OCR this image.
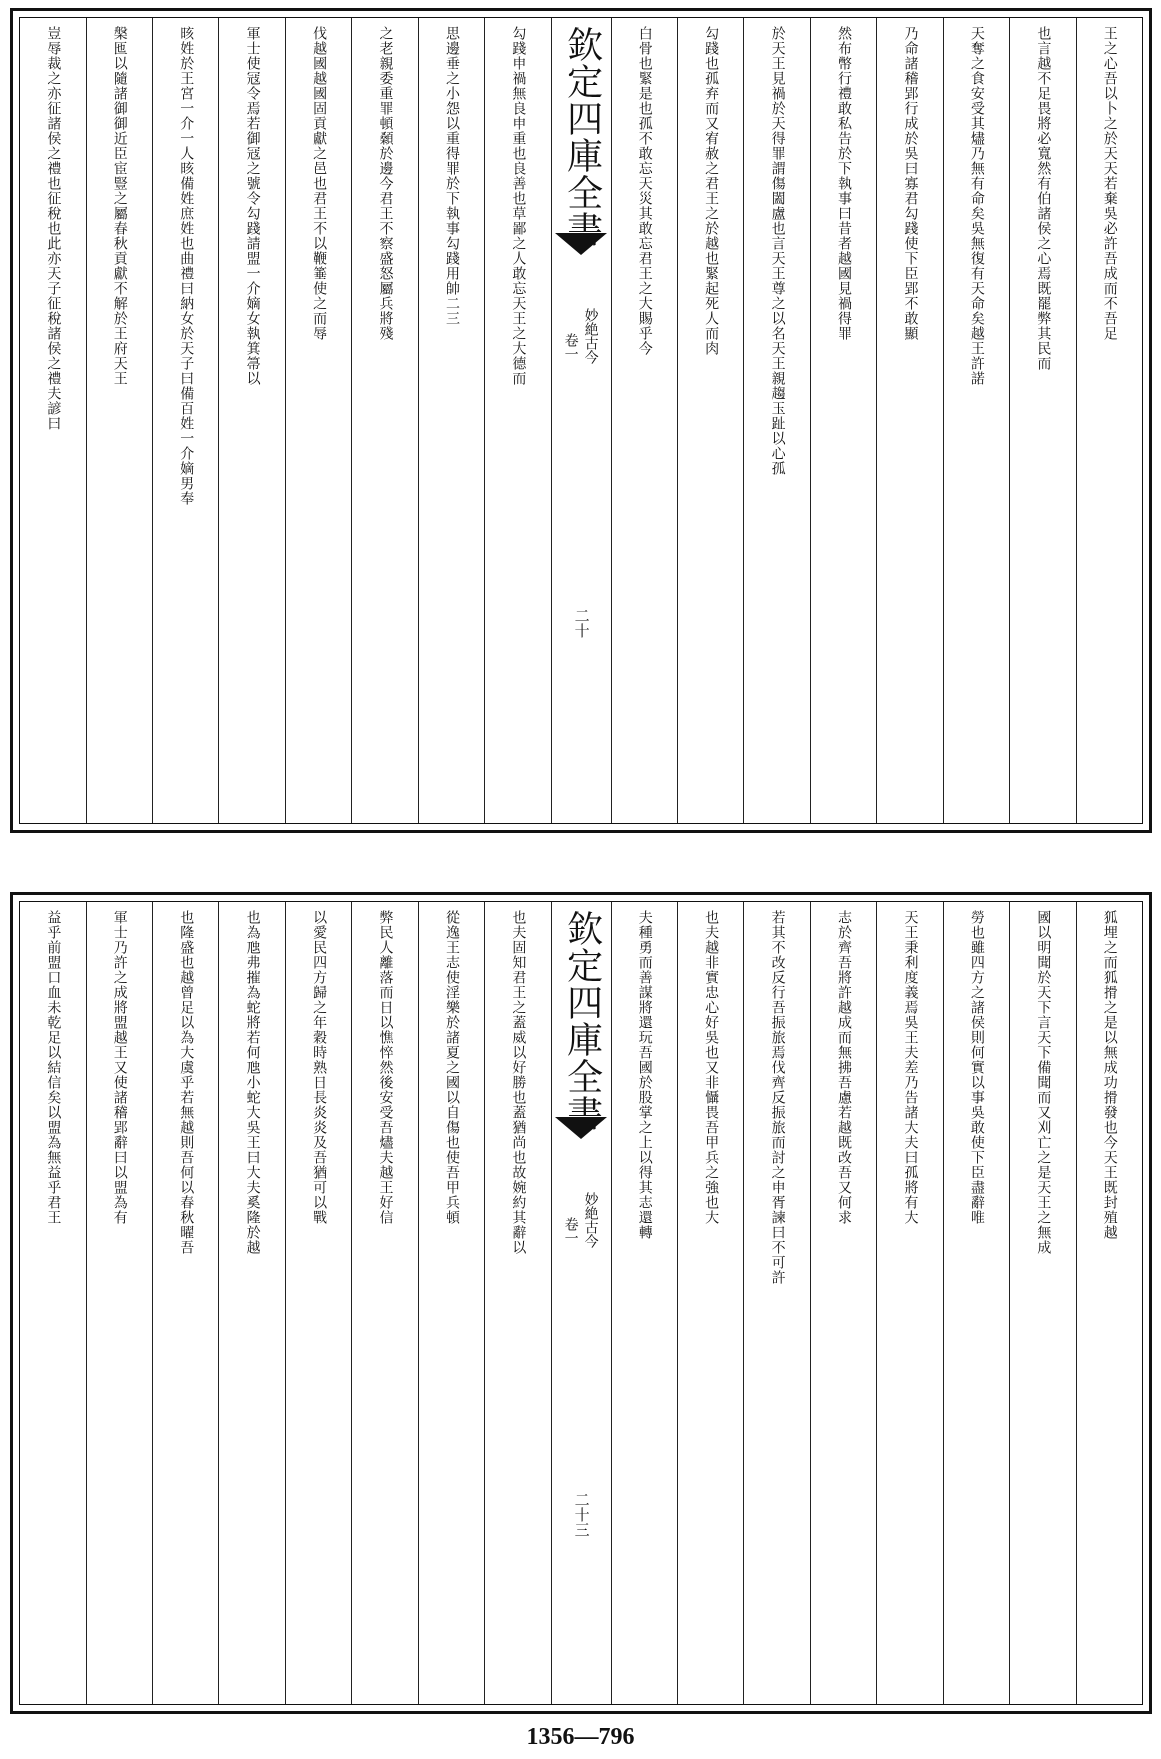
王之心吾以卜之於天天若棄吳必許吾成而不吾足
也言越不足畏將必寬然有伯諸侯之心焉既罷弊其民而
天奪之食安受其燼乃無有命矣吳無復有天命矣越王許諾
乃命諸稽郢行成於吳曰寡君勾踐使下臣郢不敢顯
然布幣行禮敢私告於下執事曰昔者越國見禍得罪
於天王見禍於天得罪謂傷闔盧也言天王尊之以名天王親趨玉趾以心孤
勾踐也孤弃而又宥赦之君王之於越也緊起死人而肉
白骨也緊是也孤不敢忘天災其敢忘君王之大賜乎今
欽定四庫全書
妙絶古今
卷一
二十
勾踐申禍無良申重也良善也草鄙之人敢忘天王之大德而
思邊垂之小怨以重得罪於下執事勾踐用帥二三
之老親委重罪頓顙於邊今君王不察盛怒屬兵將殘
伐越國越國固貢獻之邑也君王不以鞭箠使之而辱
軍士使冦令焉若御冦之號令勾踐請盟一介嫡女執箕箒以
晐姓於王宮一介一人晐備姓庶姓也曲禮曰納女於天子曰備百姓一介嫡男奉
槃匜以隨諸御御近臣宦豎之屬春秋貢獻不解於王府天王
豈辱裁之亦征諸侯之禮也征稅也此亦天子征稅諸侯之禮夫諺曰
狐埋之而狐搰之是以無成功搰發也今天王既封殖越
國以明聞於天下言天下備聞而又刈亡之是天王之無成
勞也雖四方之諸侯則何實以事吳敢使下臣盡辭唯
天王秉利度義焉吳王夫差乃告諸大夫曰孤將有大
志於齊吾將許越成而無拂吾慮若越既改吾又何求
若其不改反行吾振旅焉伐齊反振旅而討之申胥諫曰不可許
也夫越非實忠心好吳也又非懾畏吾甲兵之強也大
夫種勇而善謀將還玩吾國於股掌之上以得其志還轉
欽定四庫全書
妙絶古今
卷一
二十三
也夫固知君王之蓋威以好勝也蓋猶尚也故婉約其辭以
從逸王志使淫樂於諸夏之國以自傷也使吾甲兵頓
弊民人離落而日以憔悴然後安受吾燼夫越王好信
以愛民四方歸之年穀時熟日長炎炎及吾猶可以戰
也為虺弗摧為蛇將若何虺小蛇大吳王曰大夫奚隆於越
也隆盛也越曾足以為大虞乎若無越則吾何以春秋曜吾
軍士乃許之成將盟越王又使諸稽郢辭曰以盟為有
益乎前盟口血未乾足以結信矣以盟為無益乎君王
1356—796
